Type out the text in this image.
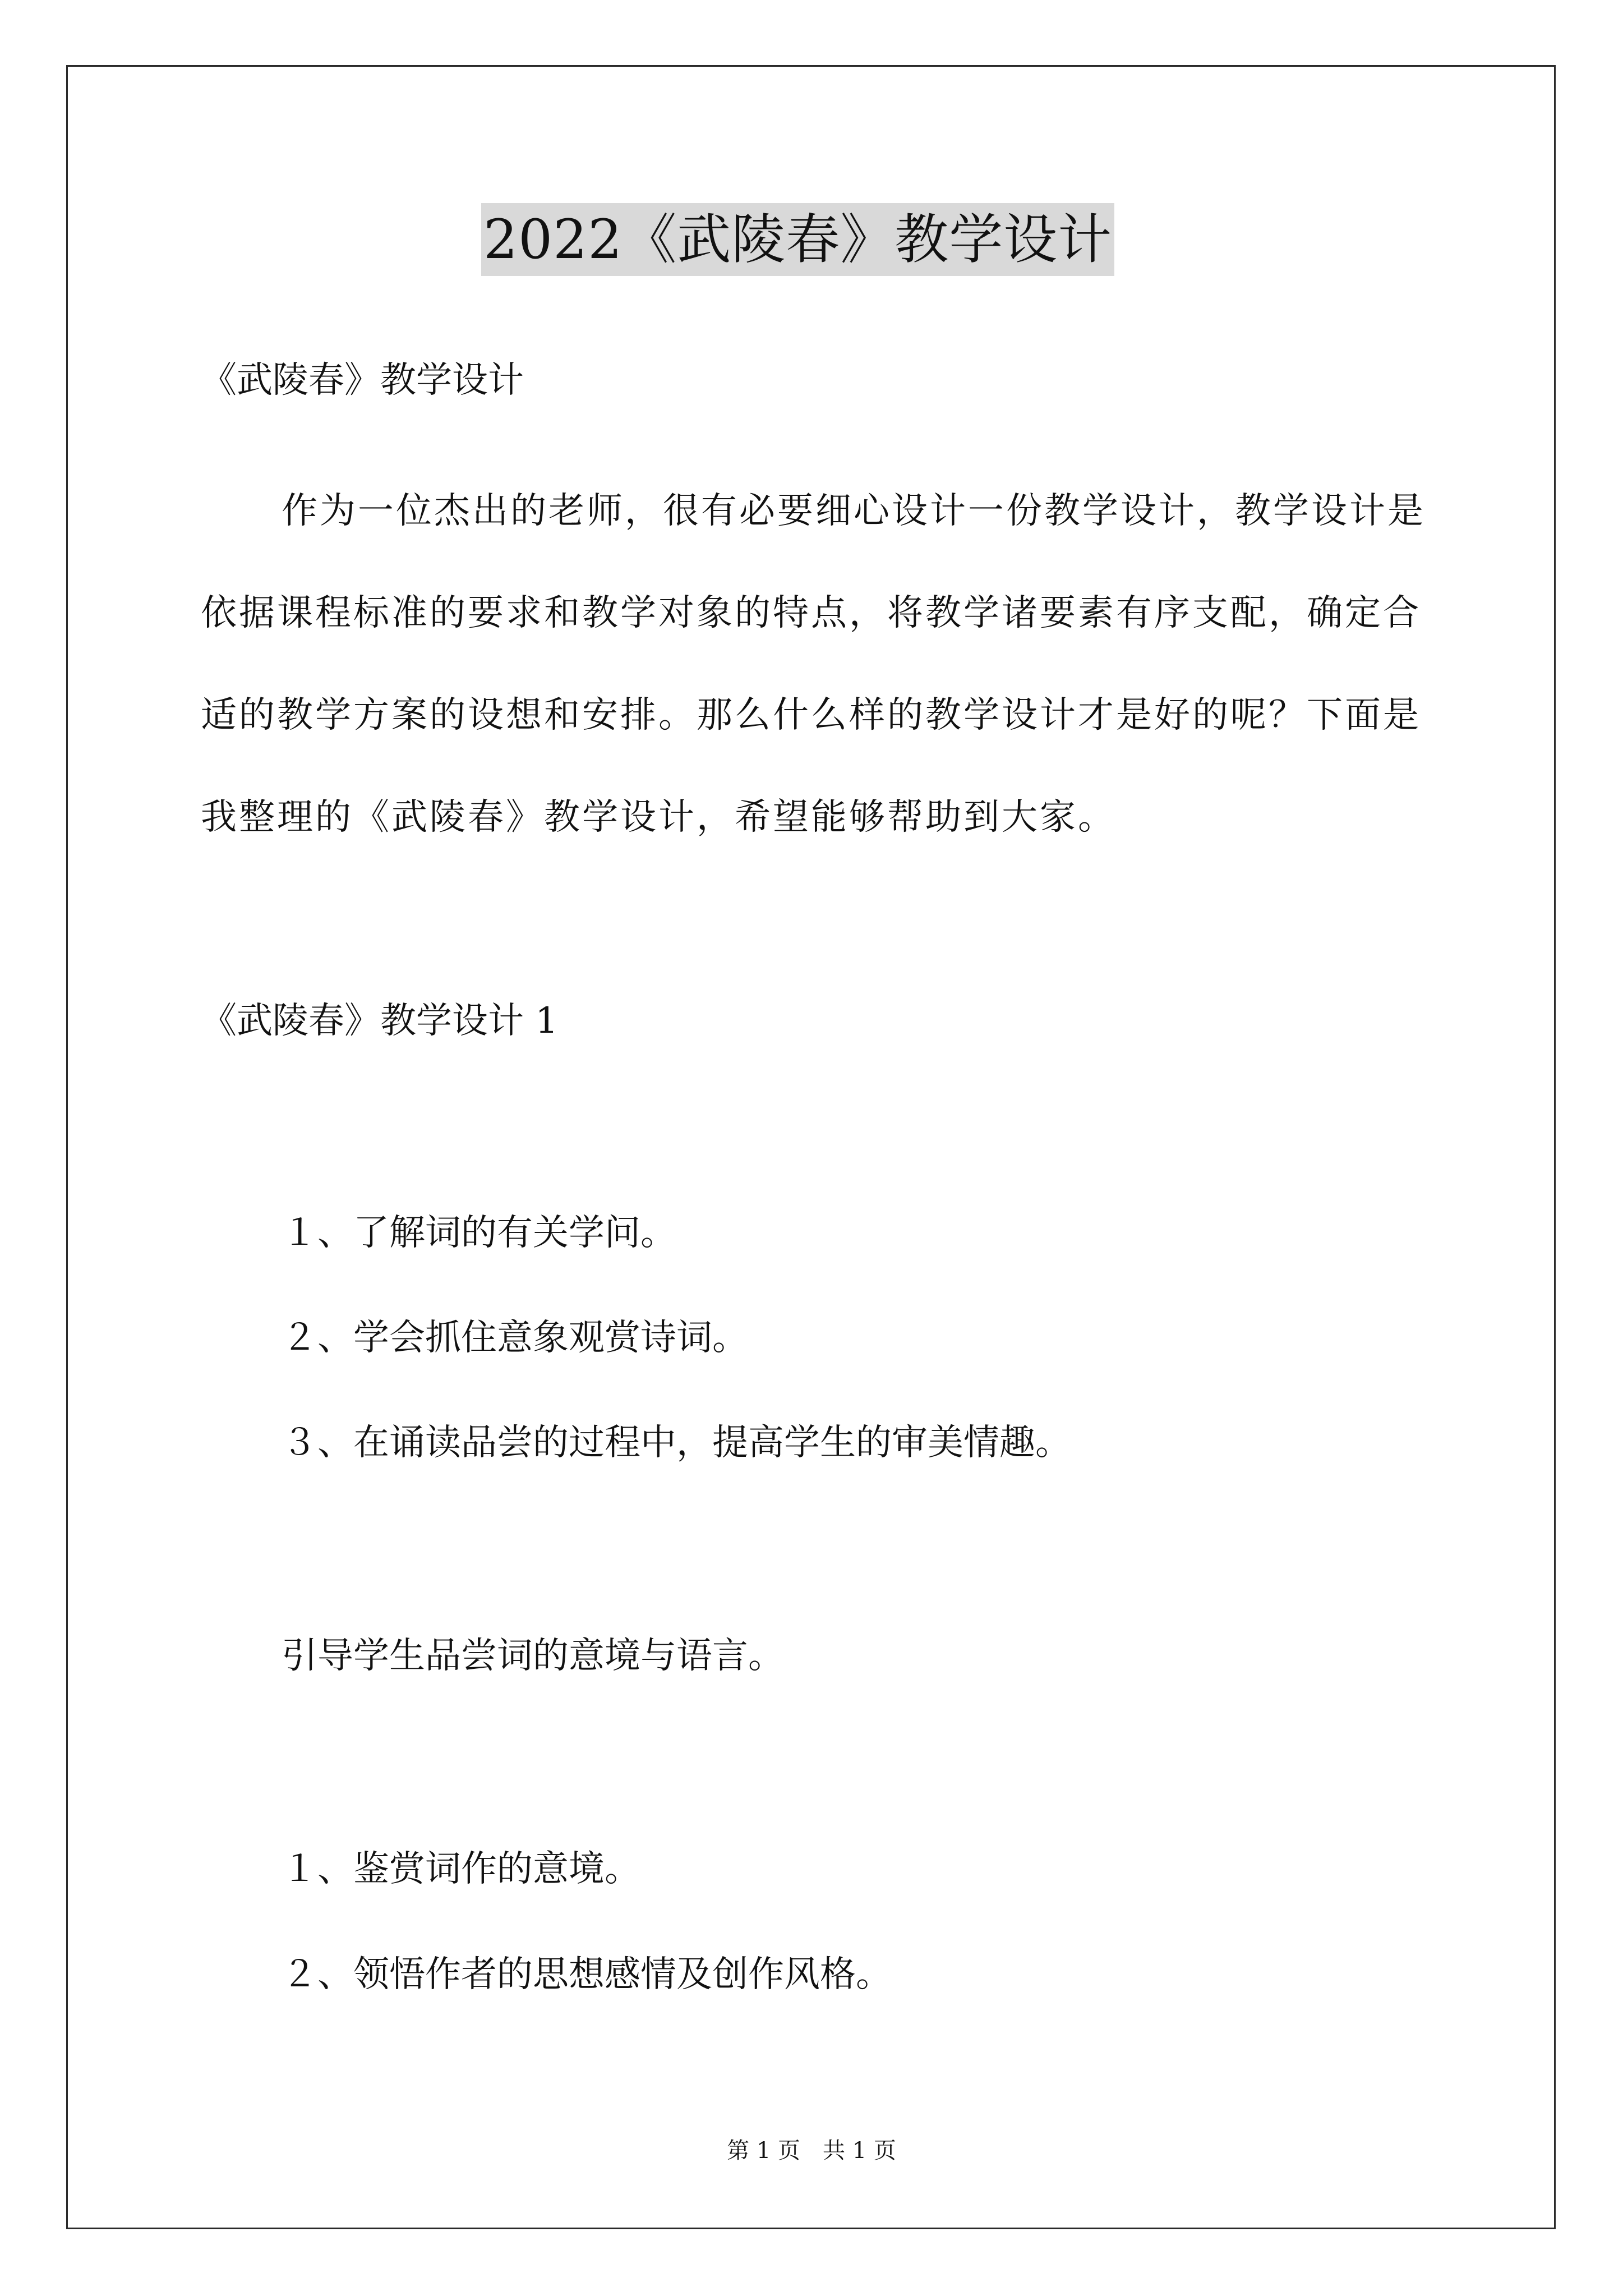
2022《武陵春》教学设计
《武陵春》教学设计

作为一位杰出的老师，很有必要细心设计一份教学设计，教学设计是依据课程标准的要求和教学对象的特点，将教学诸要素有序支配，确定合适的教学方案的设想和安排。那么什么样的教学设计才是好的呢？下面是我整理的《武陵春》教学设计，希望能够帮助到大家。

《武陵春》教学设计 1
１、了解词的有关学问。
２、学会抓住意象观赏诗词。
３、在诵读品尝的过程中，提高学生的审美情趣。
引导学生品尝词的意境与语言。
１、鉴赏词作的意境。
２、领悟作者的思想感情及创作风格。
第 1 页　共 1 页
